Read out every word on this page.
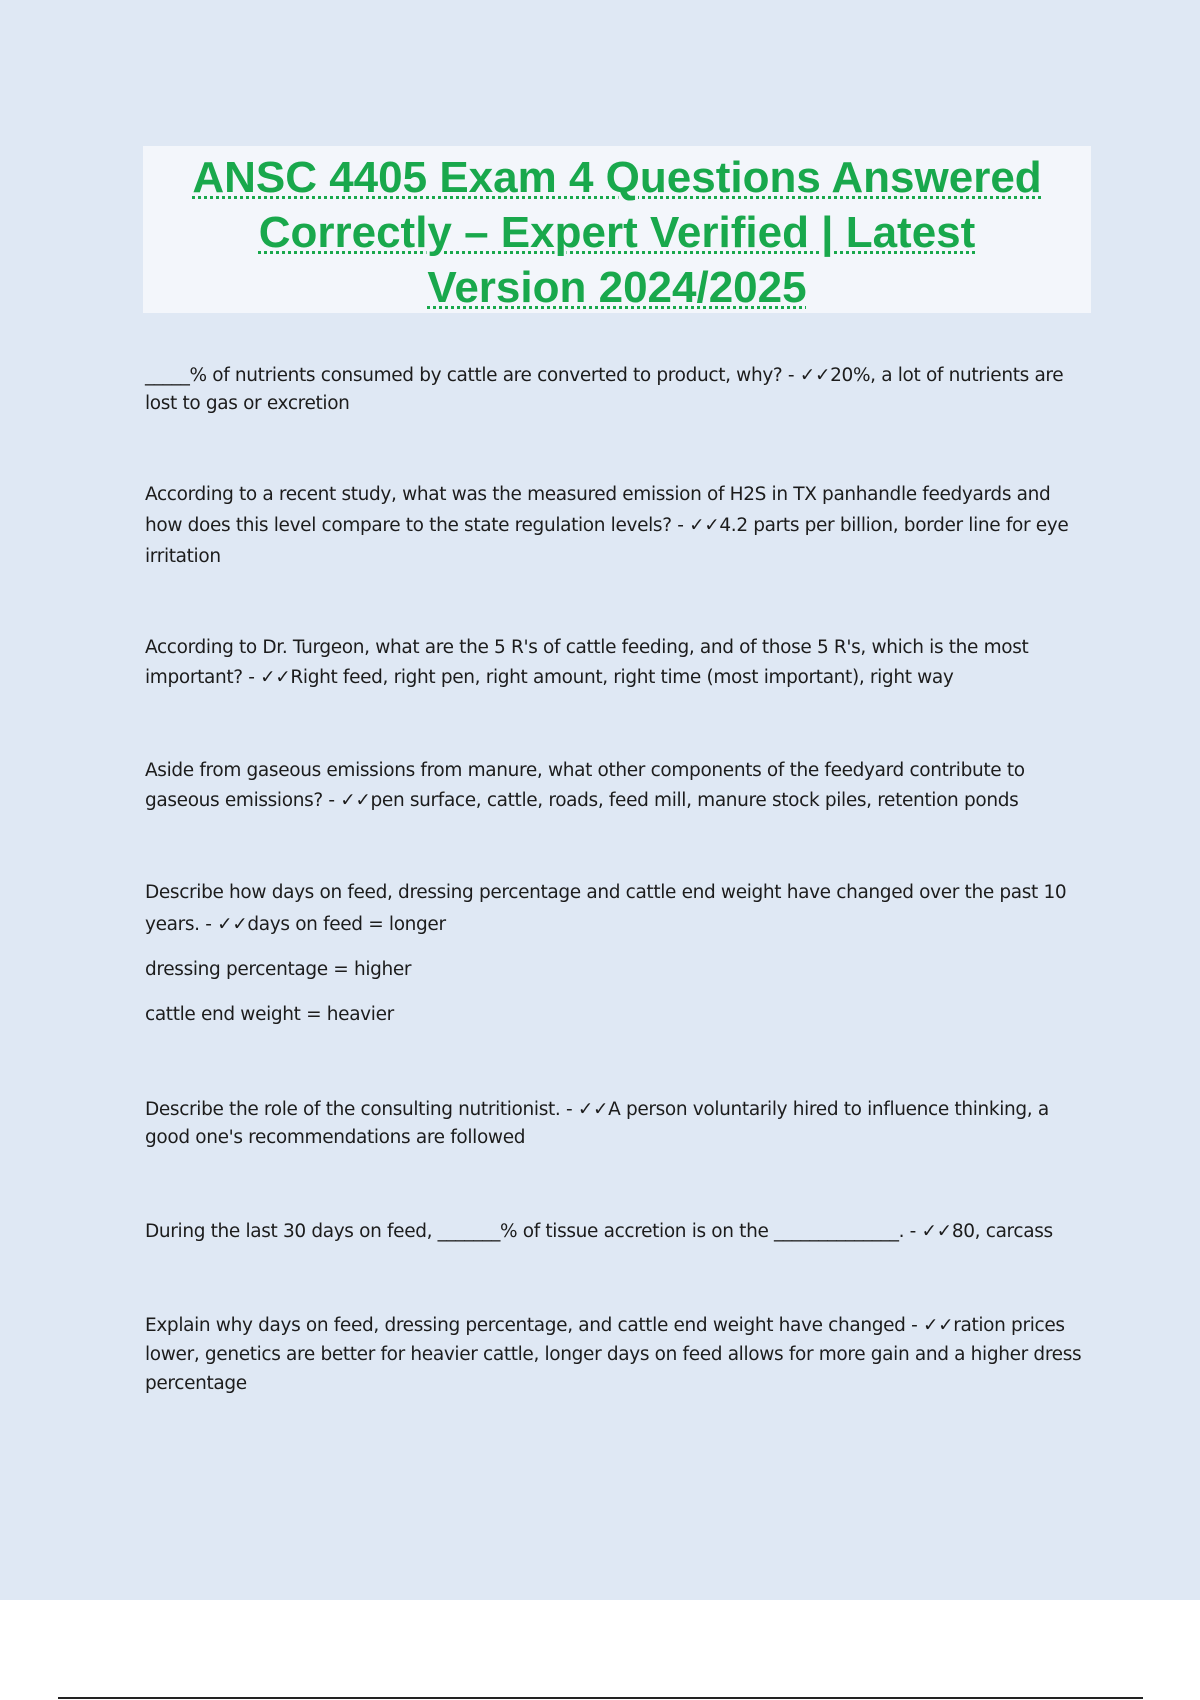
ANSC 4405 Exam 4 Questions Answered
Correctly – Expert Verified | Latest
Version 2024/2025

_____% of nutrients consumed by cattle are converted to product, why? - ✓✓20%, a lot of nutrients are lost to gas or excretion

According to a recent study, what was the measured emission of H2S in TX panhandle feedyards and how does this level compare to the state regulation levels? - ✓✓4.2 parts per billion, border line for eye irritation

According to Dr. Turgeon, what are the 5 R's of cattle feeding, and of those 5 R's, which is the most important? - ✓✓Right feed, right pen, right amount, right time (most important), right way

Aside from gaseous emissions from manure, what other components of the feedyard contribute to gaseous emissions? - ✓✓pen surface, cattle, roads, feed mill, manure stock piles, retention ponds

Describe how days on feed, dressing percentage and cattle end weight have changed over the past 10 years. - ✓✓days on feed = longer

dressing percentage = higher

cattle end weight = heavier

Describe the role of the consulting nutritionist. - ✓✓A person voluntarily hired to influence thinking, a good one's recommendations are followed

During the last 30 days on feed, _______% of tissue accretion is on the ______________. - ✓✓80, carcass

Explain why days on feed, dressing percentage, and cattle end weight have changed - ✓✓ration prices lower, genetics are better for heavier cattle, longer days on feed allows for more gain and a higher dress percentage
